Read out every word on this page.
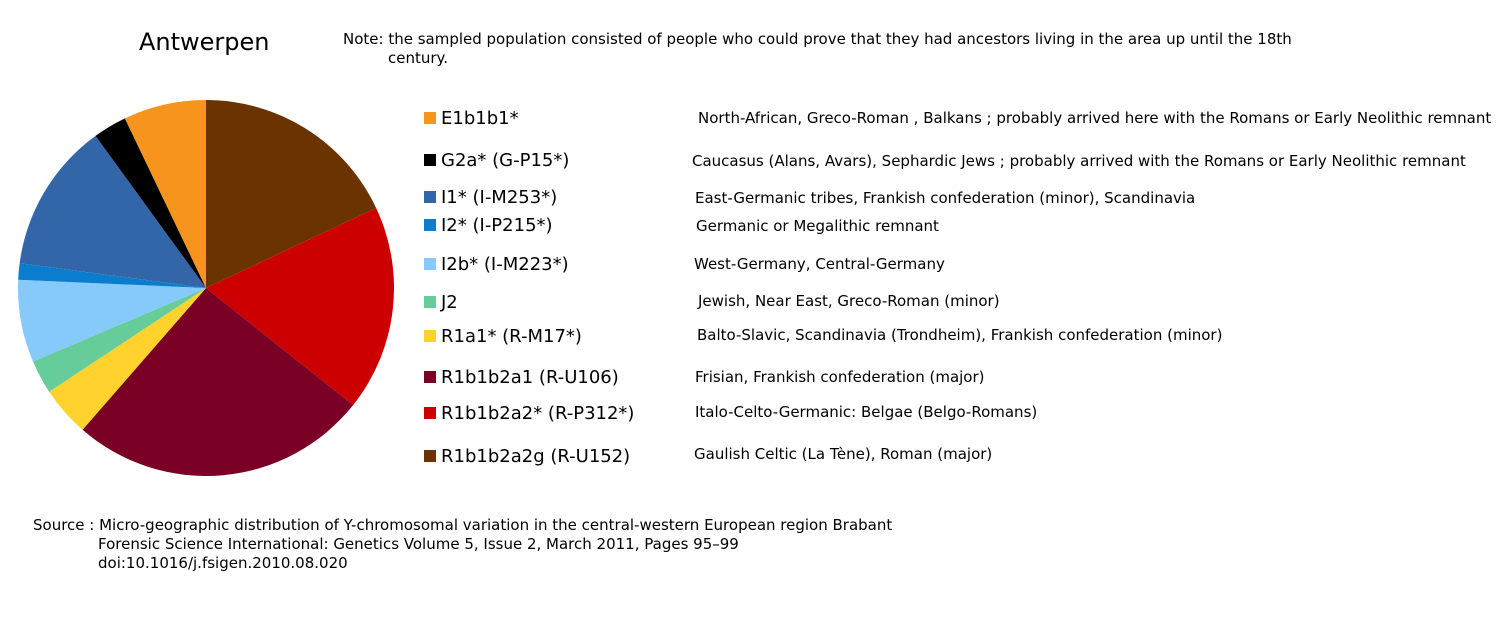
Antwerpen	Note: the sampled population consisted of people who could prove that they had ancestors living in the area up until the 18th
century.
E1b1b1*
G2a* (G-P15*)
I1* (I-M253*)
I2* (I-P215*)
I2b* (I-M223*)
J2
R1a1* (R-M17*)
R1b1b2a1 (R-U106)
R1b1b2a2* (R-P312*)
R1b1b2a2g (R-U152)
North-African, Greco-Roman , Balkans ; probably arrived here with the Romans or Early Neolithic remnant
Caucasus (Alans, Avars), Sephardic Jews ; probably arrived with the Romans or Early Neolithic remnant
East-Germanic tribes, Frankish confederation (minor), Scandinavia
Germanic or Megalithic remnant
West-Germany, Central-Germany
Jewish, Near East, Greco-Roman (minor)
Balto-Slavic, Scandinavia (Trondheim), Frankish confederation (minor)
Frisian, Frankish confederation (major)
Italo-Celto-Germanic: Belgae (Belgo-Romans)
Gaulish Celtic (La Tène), Roman (major)
Source : Micro-geographic distribution of Y-chromosomal variation in the central-western European region Brabant
Forensic Science International: Genetics Volume 5, Issue 2, March 2011, Pages 95–99
doi:10.1016/j.fsigen.2010.08.020
